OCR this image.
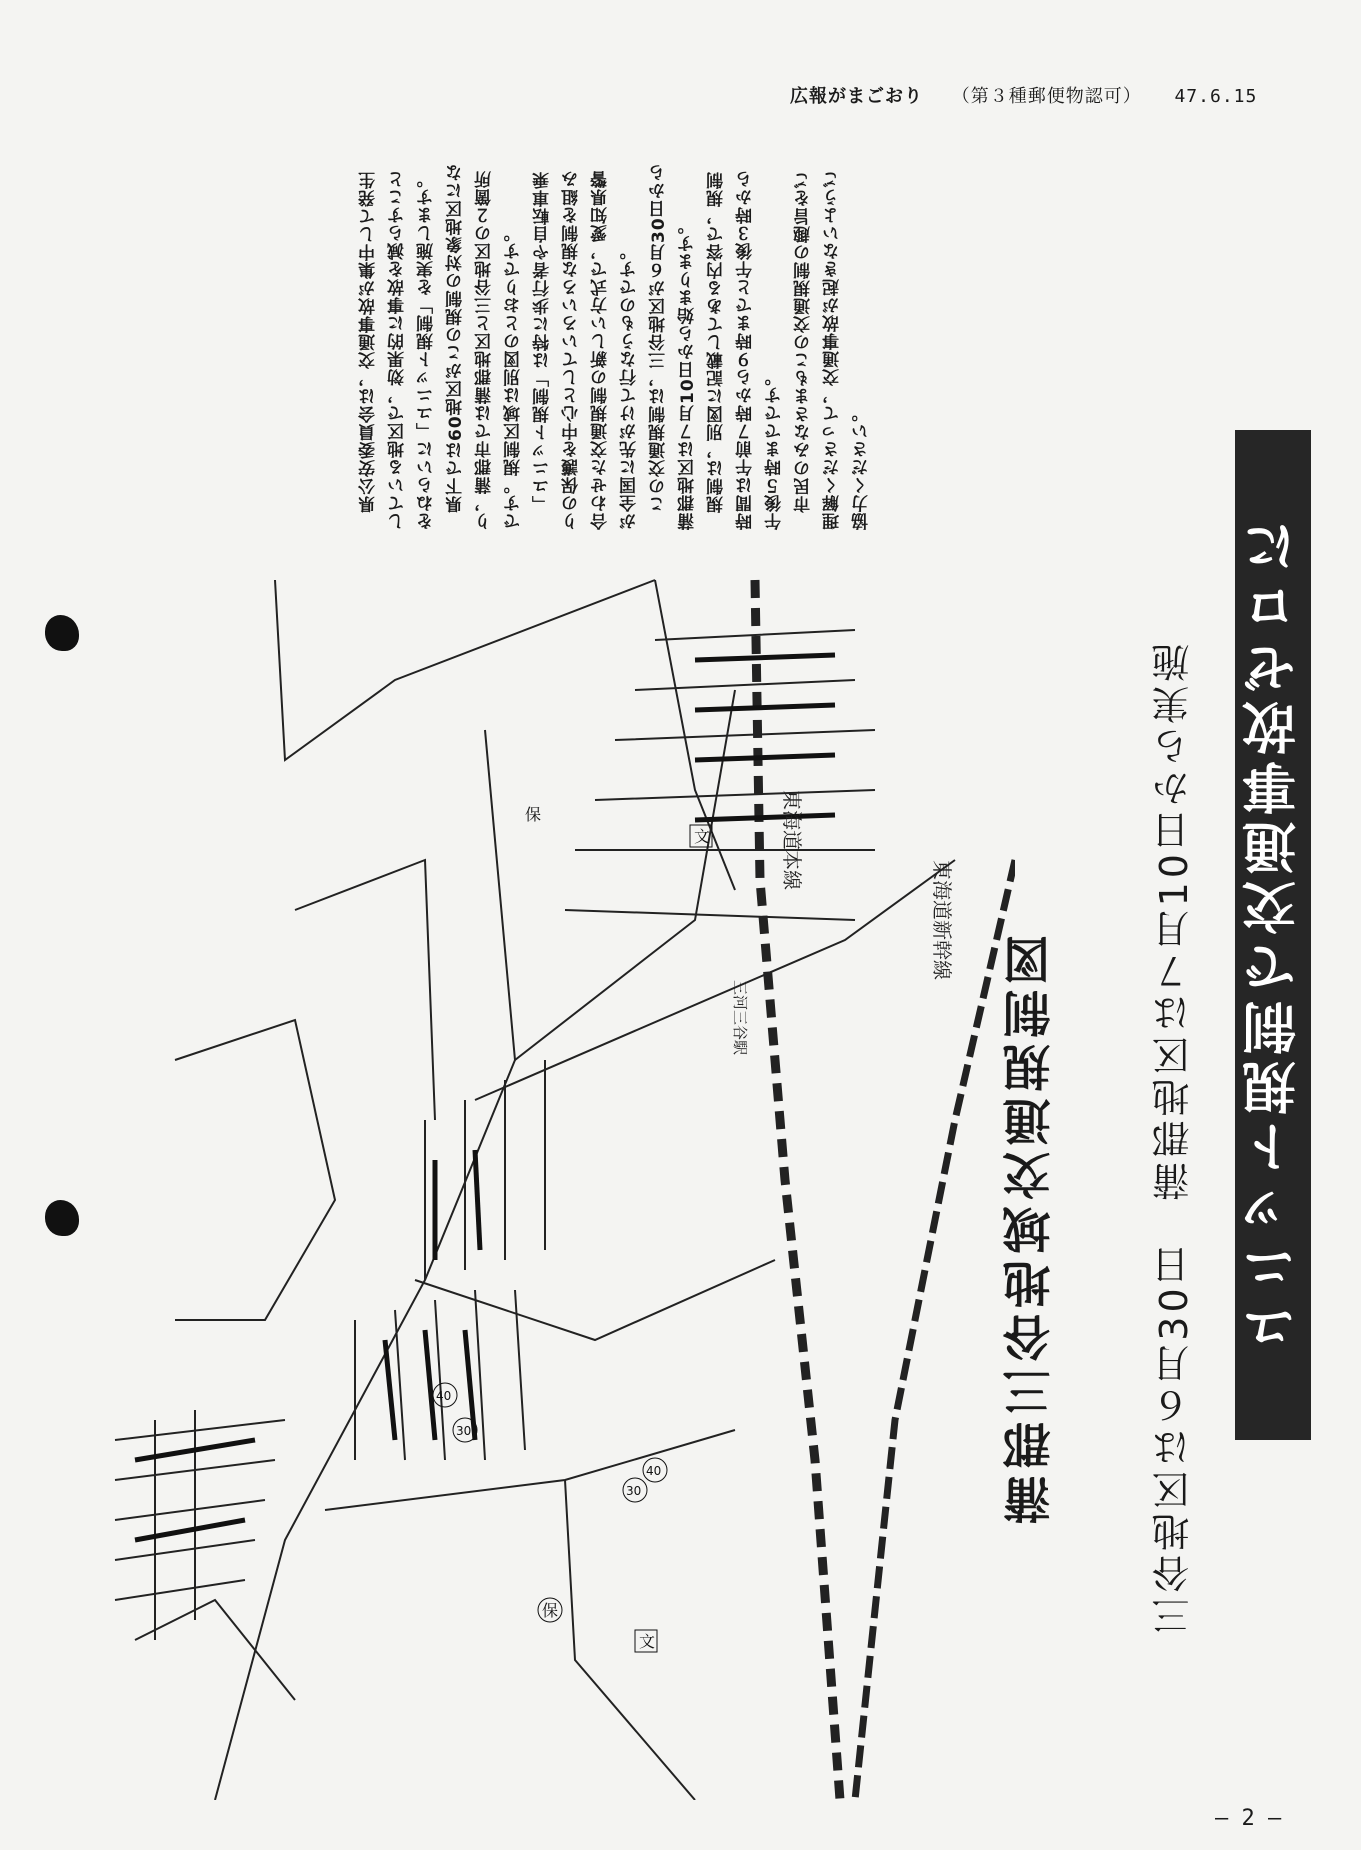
広報がまごおり （第３種郵便物認可） 47.6.15
ユニット規制で交通事故ゼロに
三谷地区は６月30日　蒲郡地区は７月10日から実施
蒲郡三谷地域交通規制図

県公安委員会は，交通事故が集中して発生している地区で，効果的に事故を減らすことをねらいに「ユニット規制」を実施します。 県下では60地区がこの規制の対象地区になり，蒲郡市では蒲郡地区と三谷地区の２箇所です。規制区域は別図のとおりです。 「ユニット規制」は特に歩行者や自転車乗りの保護を中心としていろいろな規制を組み合わせた交通規制の新しい方式で，愛知県警が全国に先がけて行なうものです。 この交通規制は，三谷地区が６月30日から蒲郡地区は７月10日から始まります。 規制は，別図に記載してある内容で，規制時間は午前７時から９時までと午後３時から午後５時までです。 市民のみなさまもこの交通規制の趣旨をご理解くださって，交通事故が起きないようご協力ください。

東海道本線
東海道新幹線
三河三谷駅
文
文
保
保
40
30
40
30
— 2 —
